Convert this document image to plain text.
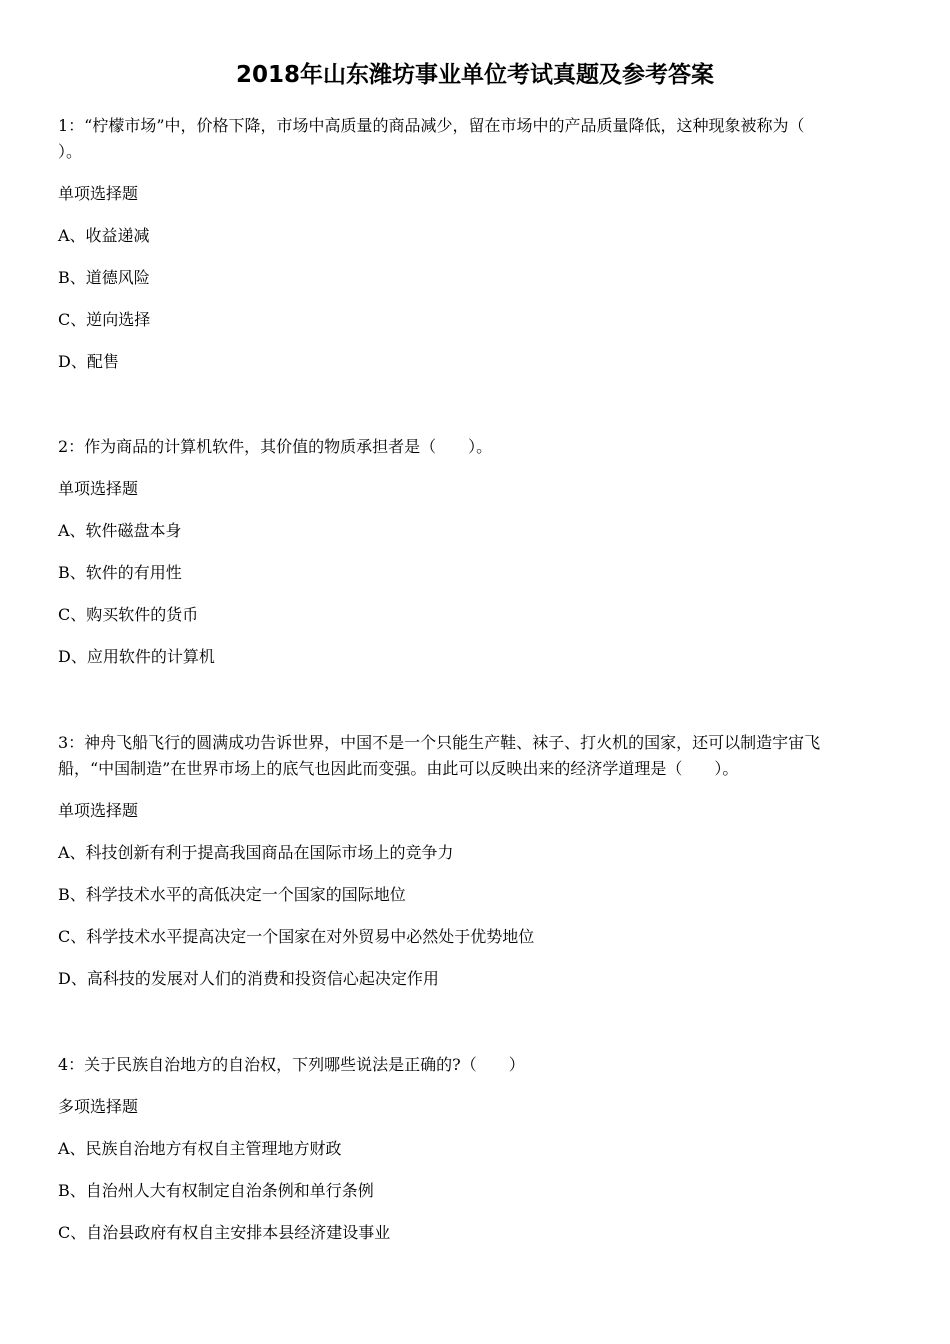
2018年山东潍坊事业单位考试真题及参考答案

1：“柠檬市场”中，价格下降，市场中高质量的商品减少，留在市场中的产品质量降低，这种现象被称为（

）。

单项选择题

A、收益递减

B、道德风险

C、逆向选择

D、配售

2：作为商品的计算机软件，其价值的物质承担者是（　　）。

单项选择题

A、软件磁盘本身

B、软件的有用性

C、购买软件的货币

D、应用软件的计算机

3：神舟飞船飞行的圆满成功告诉世界，中国不是一个只能生产鞋、袜子、打火机的国家，还可以制造宇宙飞

船，“中国制造”在世界市场上的底气也因此而变强。由此可以反映出来的经济学道理是（　　）。

单项选择题

A、科技创新有利于提高我国商品在国际市场上的竞争力

B、科学技术水平的高低决定一个国家的国际地位

C、科学技术水平提高决定一个国家在对外贸易中必然处于优势地位

D、高科技的发展对人们的消费和投资信心起决定作用

4：关于民族自治地方的自治权，下列哪些说法是正确的?（　　）

多项选择题

A、民族自治地方有权自主管理地方财政

B、自治州人大有权制定自治条例和单行条例

C、自治县政府有权自主安排本县经济建设事业
